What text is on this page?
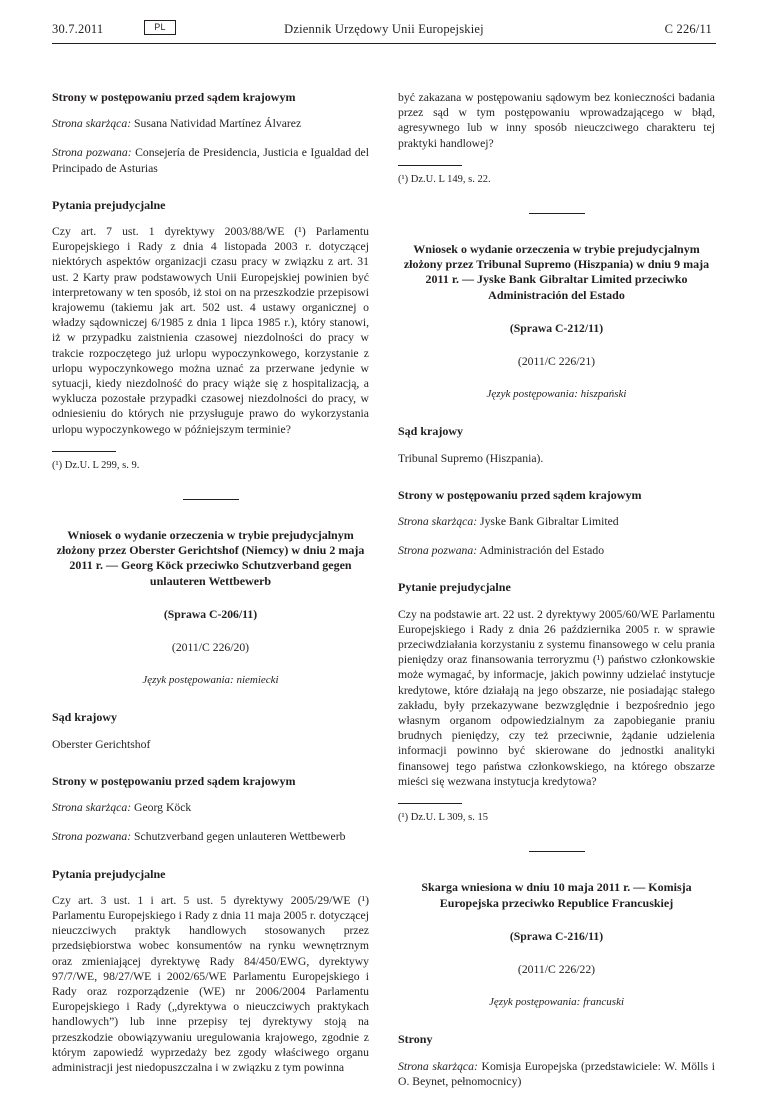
30.7.2011	PL	Dziennik Urzędowy Unii Europejskiej	C 226/11
Strony w postępowaniu przed sądem krajowym
Strona skarżąca: Susana Natividad Martínez Álvarez
Strona pozwana: Consejería de Presidencia, Justicia e Igualdad del Principado de Asturias
Pytania prejudycjalne
Czy art. 7 ust. 1 dyrektywy 2003/88/WE (¹) Parlamentu Europejskiego i Rady z dnia 4 listopada 2003 r. dotyczącej niektórych aspektów organizacji czasu pracy w związku z art. 31 ust. 2 Karty praw podstawowych Unii Europejskiej powinien być interpretowany w ten sposób, iż stoi on na przeszkodzie przepisowi krajowemu (takiemu jak art. 502 ust. 4 ustawy organicznej o władzy sądowniczej 6/1985 z dnia 1 lipca 1985 r.), który stanowi, iż w przypadku zaistnienia czasowej niezdolności do pracy w trakcie rozpoczętego już urlopu wypoczynkowego, korzystanie z urlopu wypoczynkowego można uznać za przerwane jedynie w sytuacji, kiedy niezdolność do pracy wiąże się z hospitalizacją, a wyklucza pozostałe przypadki czasowej niezdolności do pracy, w odniesieniu do których nie przysługuje prawo do wykorzystania urlopu wypoczynkowego w późniejszym terminie?
(¹) Dz.U. L 299, s. 9.
Wniosek o wydanie orzeczenia w trybie prejudycjalnym złożony przez Oberster Gerichtshof (Niemcy) w dniu 2 maja 2011 r. — Georg Köck przeciwko Schutzverband gegen unlauteren Wettbewerb
(Sprawa C-206/11)
(2011/C 226/20)
Język postępowania: niemiecki
Sąd krajowy
Oberster Gerichtshof
Strony w postępowaniu przed sądem krajowym
Strona skarżąca: Georg Köck
Strona pozwana: Schutzverband gegen unlauteren Wettbewerb
Pytania prejudycjalne
Czy art. 3 ust. 1 i art. 5 ust. 5 dyrektywy 2005/29/WE (¹) Parlamentu Europejskiego i Rady z dnia 11 maja 2005 r. dotyczącej nieuczciwych praktyk handlowych stosowanych przez przedsiębiorstwa wobec konsumentów na rynku wewnętrznym oraz zmieniającej dyrektywę Rady 84/450/EWG, dyrektywy 97/7/WE, 98/27/WE i 2002/65/WE Parlamentu Europejskiego i Rady oraz rozporządzenie (WE) nr 2006/2004 Parlamentu Europejskiego i Rady („dyrektywa o nieuczciwych praktykach handlowych”) lub inne przepisy tej dyrektywy stoją na przeszkodzie obowiązywaniu uregulowania krajowego, zgodnie z którym zapowiedź wyprzedaży bez zgody właściwego organu administracji jest niedopuszczalna i w związku z tym powinna
być zakazana w postępowaniu sądowym bez konieczności badania przez sąd w tym postępowaniu wprowadzającego w błąd, agresywnego lub w inny sposób nieuczciwego charakteru tej praktyki handlowej?
(¹) Dz.U. L 149, s. 22.
Wniosek o wydanie orzeczenia w trybie prejudycjalnym złożony przez Tribunal Supremo (Hiszpania) w dniu 9 maja 2011 r. — Jyske Bank Gibraltar Limited przeciwko Administración del Estado
(Sprawa C-212/11)
(2011/C 226/21)
Język postępowania: hiszpański
Sąd krajowy
Tribunal Supremo (Hiszpania).
Strony w postępowaniu przed sądem krajowym
Strona skarżąca: Jyske Bank Gibraltar Limited
Strona pozwana: Administración del Estado
Pytanie prejudycjalne
Czy na podstawie art. 22 ust. 2 dyrektywy 2005/60/WE Parlamentu Europejskiego i Rady z dnia 26 października 2005 r. w sprawie przeciwdziałania korzystaniu z systemu finansowego w celu prania pieniędzy oraz finansowania terroryzmu (¹) państwo członkowskie może wymagać, by informacje, jakich powinny udzielać instytucje kredytowe, które działają na jego obszarze, nie posiadając stałego zakładu, były przekazywane bezwzględnie i bezpośrednio jego własnym organom odpowiedzialnym za zapobieganie praniu brudnych pieniędzy, czy też przeciwnie, żądanie udzielenia informacji powinno być skierowane do jednostki analityki finansowej tego państwa członkowskiego, na którego obszarze mieści się wezwana instytucja kredytowa?
(¹) Dz.U. L 309, s. 15
Skarga wniesiona w dniu 10 maja 2011 r. — Komisja Europejska przeciwko Republice Francuskiej
(Sprawa C-216/11)
(2011/C 226/22)
Język postępowania: francuski
Strony
Strona skarżąca: Komisja Europejska (przedstawiciele: W. Mölls i O. Beynet, pełnomocnicy)
